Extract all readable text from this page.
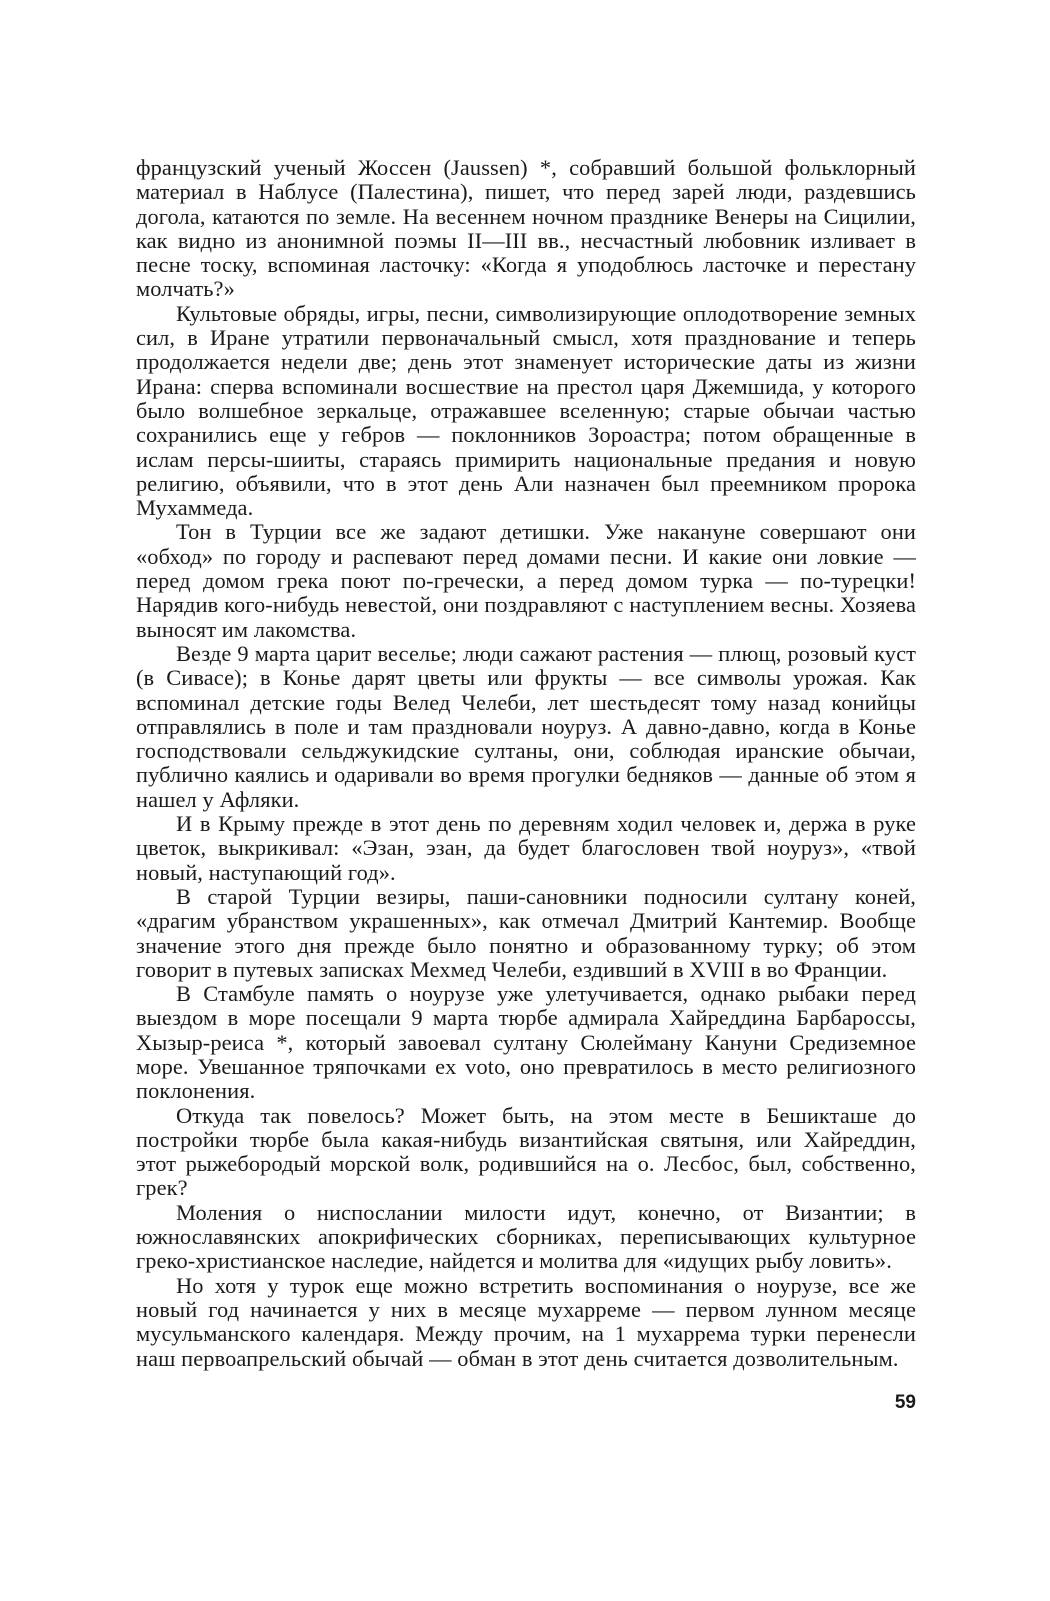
французский ученый Жоссен (Jaussen) *, собравший большой фольклорный материал в Наблусе (Палестина), пишет, что перед зарей люди, раздевшись догола, катаются по земле. На весеннем ночном празднике Венеры на Сицилии, как видно из анонимной поэмы II—III вв., несчастный любовник изливает в песне тоску, вспоминая ласточку: «Когда я уподоблюсь ласточке и перестану молчать?»

Культовые обряды, игры, песни, символизирующие оплодотворение земных сил, в Иране утратили первоначальный смысл, хотя празднование и теперь продолжается недели две; день этот знаменует исторические даты из жизни Ирана: сперва вспоминали восшествие на престол царя Джемшида, у которого было волшебное зеркальце, отражавшее вселенную; старые обычаи частью сохранились еще у гебров — поклонников Зороастра; потом обращенные в ислам персы-шииты, стараясь примирить национальные предания и новую религию, объявили, что в этот день Али назначен был преемником пророка Мухаммеда.

Тон в Турции все же задают детишки. Уже накануне совершают они «обход» по городу и распевают перед домами песни. И какие они ловкие — перед домом грека поют по-гречески, а перед домом турка — по-турецки! Нарядив кого-нибудь невестой, они поздравляют с наступлением весны. Хозяева выносят им лакомства.

Везде 9 марта царит веселье; люди сажают растения — плющ, розовый куст (в Сивасе); в Конье дарят цветы или фрукты — все символы урожая. Как вспоминал детские годы Велед Челеби, лет шестьдесят тому назад конийцы отправлялись в поле и там праздновали ноуруз. А давно-давно, когда в Конье господствовали сельджукидские султаны, они, соблюдая иранские обычаи, публично каялись и одаривали во время прогулки бедняков — данные об этом я нашел у Афляки.

И в Крыму прежде в этот день по деревням ходил человек и, держа в руке цветок, выкрикивал: «Эзан, эзан, да будет благословен твой ноуруз», «твой новый, наступающий год».

В старой Турции везиры, паши-сановники подносили султану коней, «драгим убранством украшенных», как отмечал Дмитрий Кантемир. Вообще значение этого дня прежде было понятно и образованному турку; об этом говорит в путевых записках Мехмед Челеби, ездивший в XVIII в во Франции.

В Стамбуле память о ноурузе уже улетучивается, однако рыбаки перед выездом в море посещали 9 марта тюрбе адмирала Хайреддина Барбароссы, Хызыр-реиса *, который завоевал султану Сюлейману Кануни Средиземное море. Увешанное тряпочками ex voto, оно превратилось в место религиозного поклонения.

Откуда так повелось? Может быть, на этом месте в Бешикташе до постройки тюрбе была какая-нибудь византийская святыня, или Хайреддин, этот рыжебородый морской волк, родившийся на о. Лесбос, был, собственно, грек?

Моления о ниспослании милости идут, конечно, от Византии; в южнославянских апокрифических сборниках, переписывающих культурное греко-христианское наследие, найдется и молитва для «идущих рыбу ловить».

Но хотя у турок еще можно встретить воспоминания о ноурузе, все же новый год начинается у них в месяце мухарреме — первом лунном месяце мусульманского календаря. Между прочим, на 1 мухаррема турки перенесли наш первоапрельский обычай — обман в этот день считается дозволительным.

59
